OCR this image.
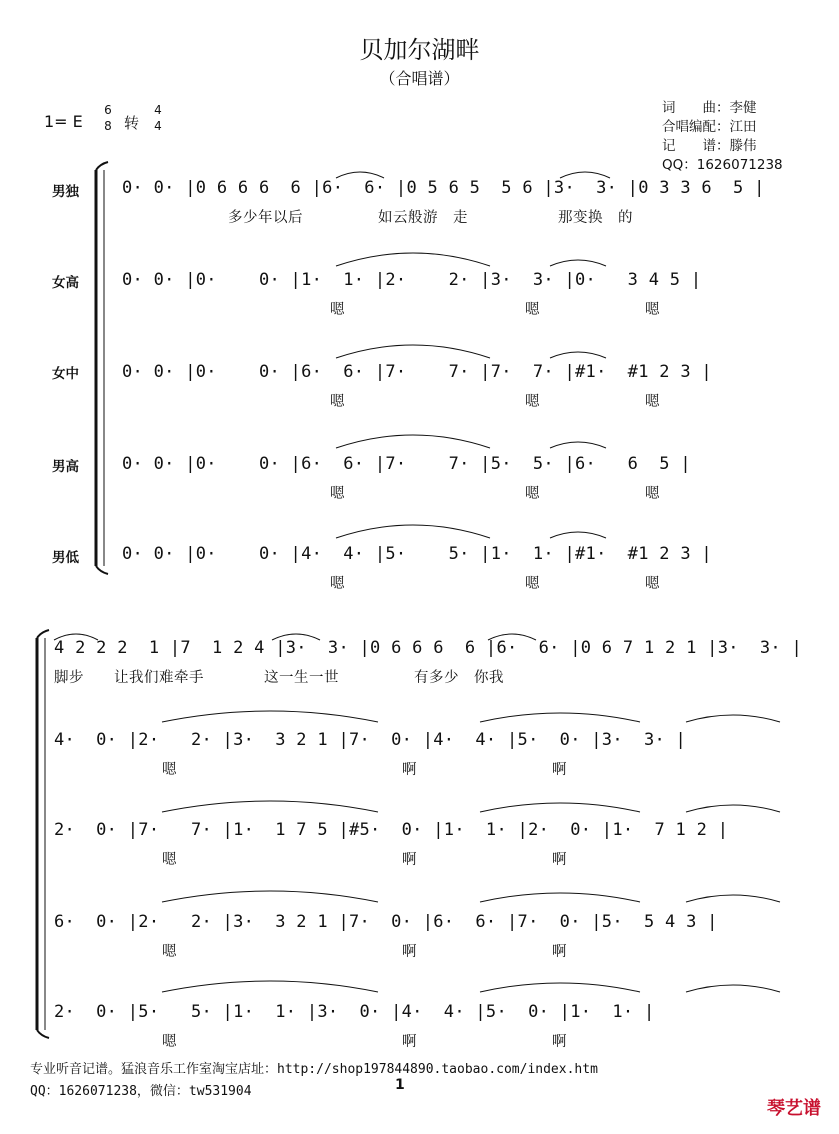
贝加尔湖畔
（合唱谱）
1= E
6
8 转
4
4
词　　曲：李健
合唱编配：江田
记　　谱：滕伟
QQ：1626071238
男独
女高
女中
男高
男低
0· 0· |0 6 6 6  6 |6·  6· |0 5 6 5  5 6 |3·  3· |0 3 3 6  5 |
多少年以后　　　　　如云般游　走　　　　　　那变换　的
0· 0· |0·    0· |1·  1· |2·    2· |3·  3· |0·   3 4 5 |
嗯　　　　　　　　　　　　嗯　　　　　　　嗯
0· 0· |0·    0· |6·  6· |7·    7· |7·  7· |#1·  #1 2 3 |
嗯　　　　　　　　　　　　嗯　　　　　　　嗯
0· 0· |0·    0· |6·  6· |7·    7· |5·  5· |6·   6  5 |
嗯　　　　　　　　　　　　嗯　　　　　　　嗯
0· 0· |0·    0· |4·  4· |5·    5· |1·  1· |#1·  #1 2 3 |
嗯　　　　　　　　　　　　嗯　　　　　　　嗯
4 2 2 2  1 |7  1 2 4 |3·  3· |0 6 6 6  6 |6·  6· |0 6 7 1 2 1 |3·  3· |
脚步　　让我们难牵手　　　　这一生一世　　　　　有多少　你我
4·  0· |2·   2· |3·  3 2 1 |7·  0· |4·  4· |5·  0· |3·  3· |
嗯　　　　　　　　　　　　　　　啊　　　　　　　　　啊
2·  0· |7·   7· |1·  1 7 5 |#5·  0· |1·  1· |2·  0· |1·  7 1 2 |
嗯　　　　　　　　　　　　　　　啊　　　　　　　　　啊
6·  0· |2·   2· |3·  3 2 1 |7·  0· |6·  6· |7·  0· |5·  5 4 3 |
嗯　　　　　　　　　　　　　　　啊　　　　　　　　　啊
2·  0· |5·   5· |1·  1· |3·  0· |4·  4· |5·  0· |1·  1· |
嗯　　　　　　　　　　　　　　　啊　　　　　　　　　啊
专业听音记谱。猛浪音乐工作室淘宝店址：http://shop197844890.taobao.com/index.htm
QQ：1626071238，微信：tw531904	1
琴艺谱
